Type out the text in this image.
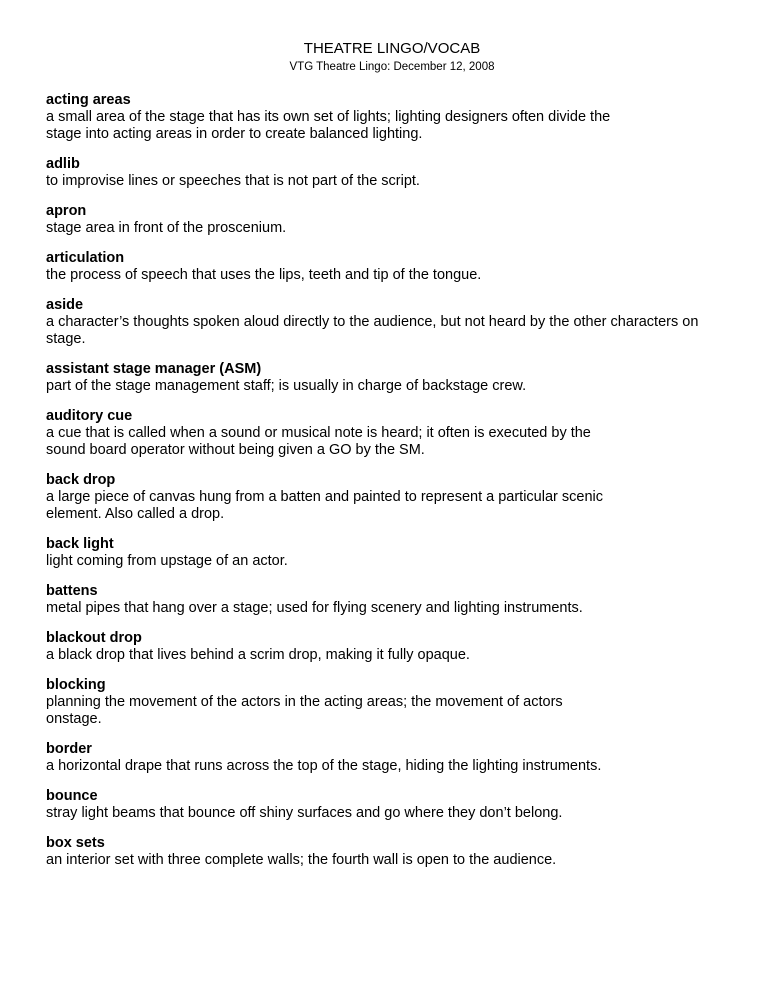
THEATRE LINGO/VOCAB
VTG Theatre Lingo: December 12, 2008
acting areas
a small area of the stage that has its own set of lights; lighting designers often divide the
stage into acting areas in order to create balanced lighting.
adlib
to improvise lines or speeches that is not part of the script.
apron
stage area in front of the proscenium.
articulation
the process of speech that uses the lips, teeth and tip of the tongue.
aside
a character’s thoughts spoken aloud directly to the audience, but not heard by the other characters on
stage.
assistant stage manager (ASM)
part of the stage management staff; is usually in charge of backstage crew.
auditory cue
a cue that is called when a sound or musical note is heard; it often is executed by the
sound board operator without being given a GO by the SM.
back drop
a large piece of canvas hung from a batten and painted to represent a particular scenic
element. Also called a drop.
back light
light coming from upstage of an actor.
battens
metal pipes that hang over a stage; used for flying scenery and lighting instruments.
blackout drop
a black drop that lives behind a scrim drop, making it fully opaque.
blocking
planning the movement of the actors in the acting areas; the movement of actors
onstage.
border
a horizontal drape that runs across the top of the stage, hiding the lighting instruments.
bounce
stray light beams that bounce off shiny surfaces and go where they don’t belong.
box sets
an interior set with three complete walls; the fourth wall is open to the audience.
